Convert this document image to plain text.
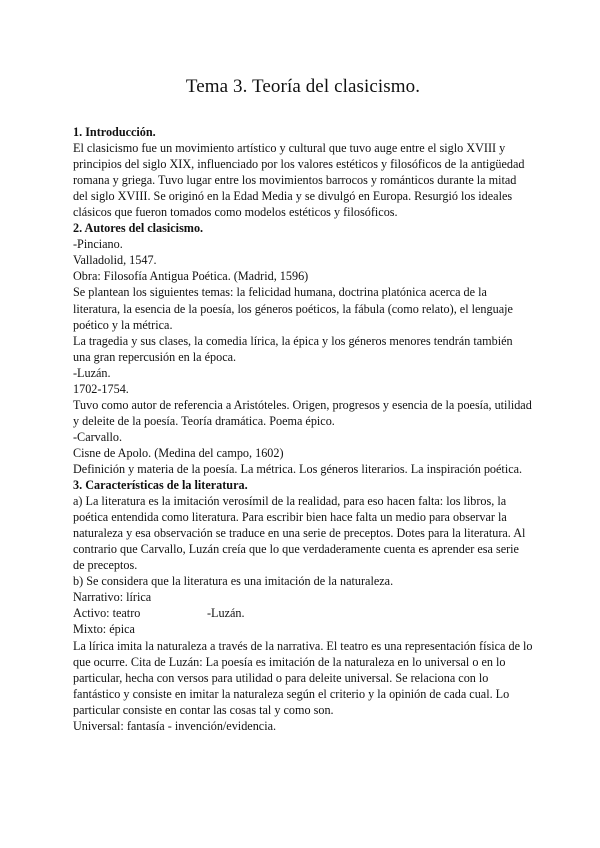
Tema 3. Teoría del clasicismo.

1. Introducción.

El clasicismo fue un movimiento artístico y cultural que tuvo auge entre el siglo XVIII y principios del siglo XIX, influenciado por los valores estéticos y filosóficos de la antigüedad romana y griega. Tuvo lugar entre los movimientos barrocos y románticos durante la mitad del siglo XVIII. Se originó en la Edad Media y se divulgó en Europa. Resurgió los ideales clásicos que fueron tomados como modelos estéticos y filosóficos.

2. Autores del clasicismo.

-Pinciano.

Valladolid, 1547.

Obra: Filosofía Antigua Poética. (Madrid, 1596)

Se plantean los siguientes temas: la felicidad humana, doctrina platónica acerca de la literatura, la esencia de la poesía, los géneros poéticos, la fábula (como relato), el lenguaje poético y la métrica.

La tragedia y sus clases, la comedia lírica, la épica y los géneros menores tendrán también una gran repercusión en la época.

-Luzán.

1702-1754.

Tuvo como autor de referencia a Aristóteles. Origen, progresos y esencia de la poesía, utilidad y deleite de la poesía. Teoría dramática. Poema épico.

-Carvallo.

Cisne de Apolo. (Medina del campo, 1602)

Definición y materia de la poesía. La métrica. Los géneros literarios. La inspiración poética.

3. Características de la literatura.

a) La literatura es la imitación verosímil de la realidad, para eso hacen falta: los libros, la poética entendida como literatura. Para escribir bien hace falta un medio para observar la naturaleza y esa observación se traduce en una serie de preceptos. Dotes para la literatura. Al contrario que Carvallo, Luzán creía que lo que verdaderamente cuenta es aprender esa serie de preceptos.

b) Se considera que la literatura es una imitación de la naturaleza.

Narrativo: lírica

Activo: teatro	-Luzán.

Mixto: épica

La lírica imita la naturaleza a través de la narrativa. El teatro es una representación física de lo que ocurre. Cita de Luzán: La poesía es imitación de la naturaleza en lo universal o en lo particular, hecha con versos para utilidad o para deleite universal. Se relaciona con lo fantástico y consiste en imitar la naturaleza según el criterio y la opinión de cada cual. Lo particular consiste en contar las cosas tal y como son.

Universal: fantasía - invención/evidencia.
